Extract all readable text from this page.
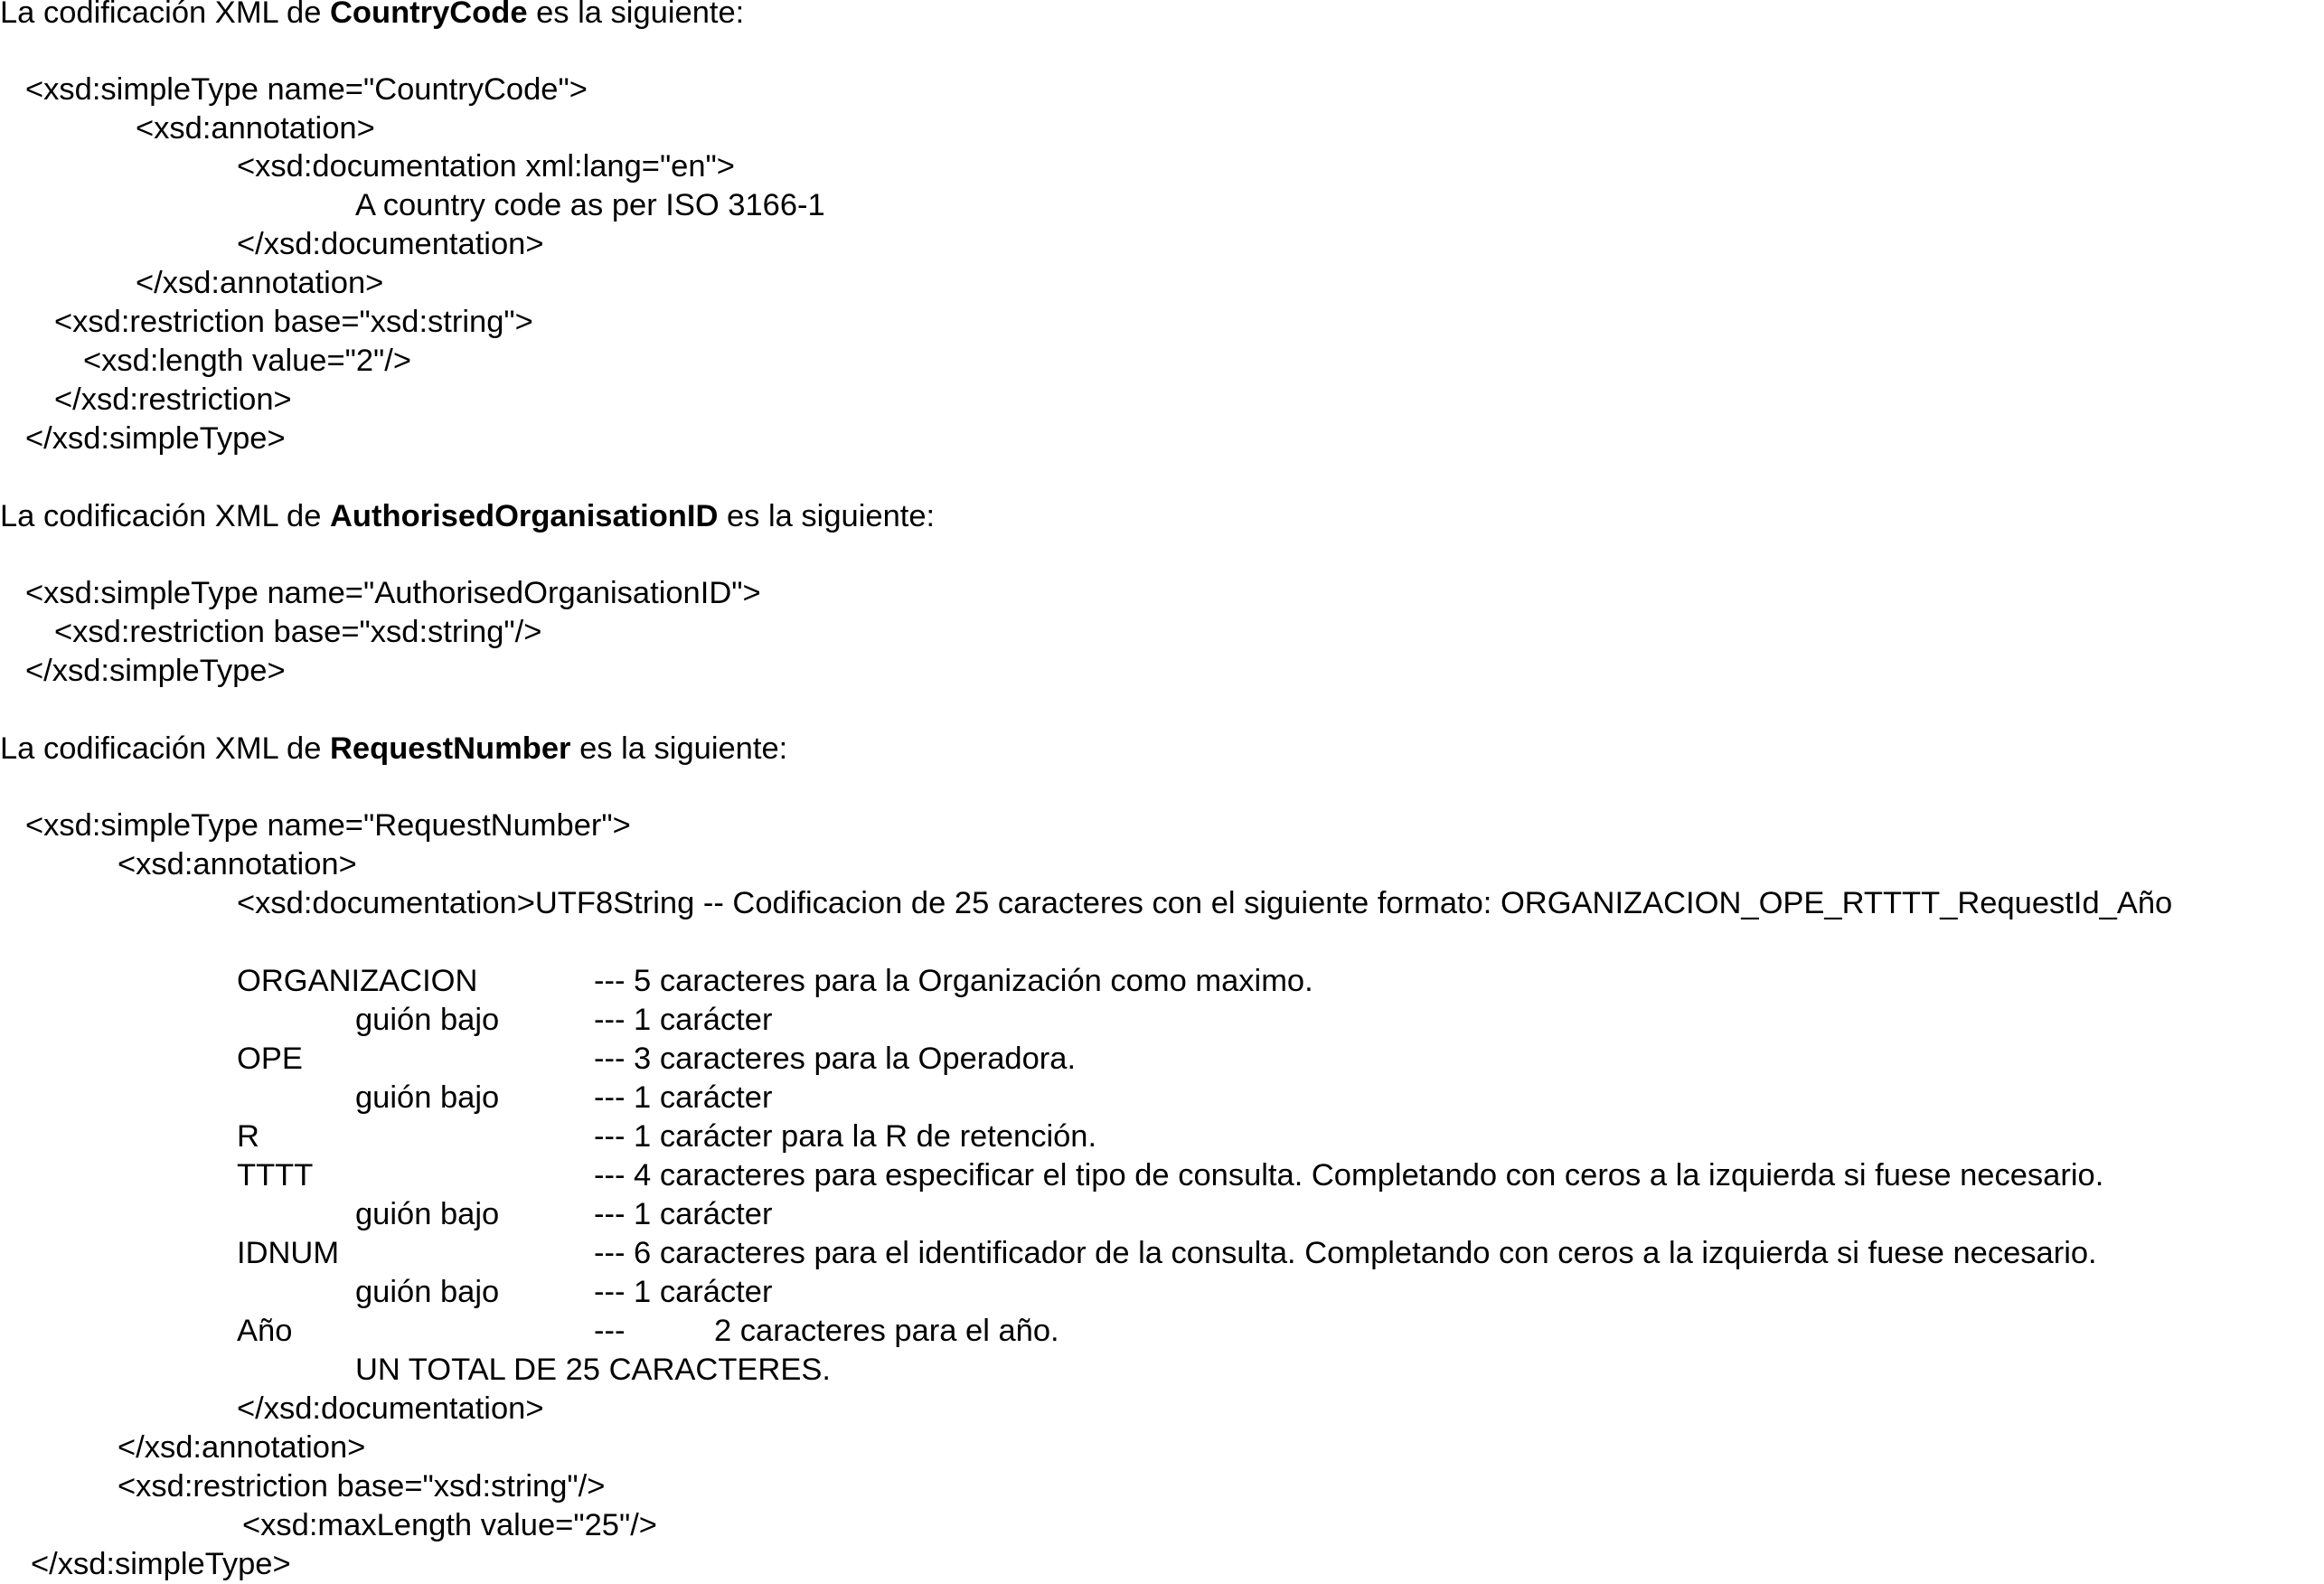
La codificación XML de CountryCode es la siguiente:
<xsd:simpleType name="CountryCode">
<xsd:annotation>
<xsd:documentation xml:lang="en">
A country code as per ISO 3166-1
</xsd:documentation>
</xsd:annotation>
<xsd:restriction base="xsd:string">
<xsd:length value="2"/>
</xsd:restriction>
</xsd:simpleType>
La codificación XML de AuthorisedOrganisationID es la siguiente:
<xsd:simpleType name="AuthorisedOrganisationID">
<xsd:restriction base="xsd:string"/>
</xsd:simpleType>
La codificación XML de RequestNumber es la siguiente:
<xsd:simpleType name="RequestNumber">
<xsd:annotation>
<xsd:documentation>UTF8String -- Codificacion de 25 caracteres con el siguiente formato: ORGANIZACION_OPE_RTTTT_RequestId_Año
ORGANIZACION	--- 5 caracteres para la Organización como maximo.
guión bajo	--- 1 carácter
OPE	--- 3 caracteres para la Operadora.
guión bajo	--- 1 carácter
R	--- 1 carácter para la R de retención.
TTTT	--- 4 caracteres para especificar el tipo de consulta. Completando con ceros a la izquierda si fuese necesario.
guión bajo	--- 1 carácter
IDNUM	--- 6 caracteres para el identificador de la consulta. Completando con ceros a la izquierda si fuese necesario.
guión bajo	--- 1 carácter
Año	---	2 caracteres para el año.
UN TOTAL DE 25 CARACTERES.
</xsd:documentation>
</xsd:annotation>
<xsd:restriction base="xsd:string"/>
<xsd:maxLength value="25"/>
</xsd:simpleType>
